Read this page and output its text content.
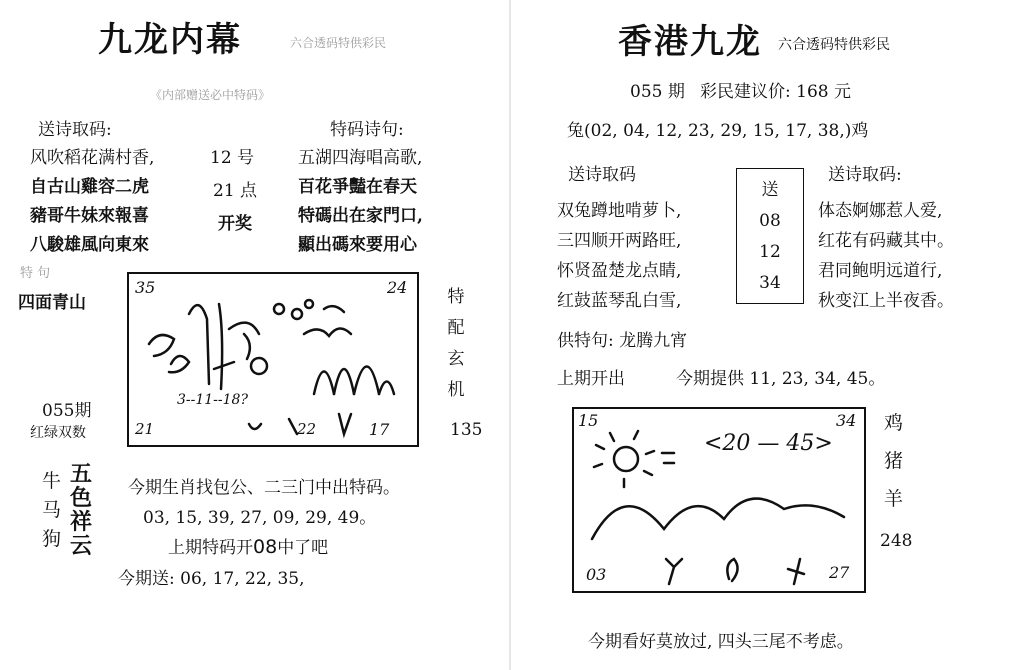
九龙内幕	六合透码特供彩民
《内部赠送必中特码》
送诗取码:	特码诗句:
风吹稻花满村香,
自古山雞容二虎
豬哥牛妹來報喜
八駿雄風向東來
12 号
21 点
开奖
五湖四海唱高歌,
百花爭豔在春天
特碼出在家門口,
顯出碼來要用心
特 句
四面青山
35	24
3--11--18?
21	22	17
特
配
玄
机
135
055期
红绿双数
牛
马
狗
五
色
祥
云
今期生肖找包公、二三门中出特码。
03, 15, 39, 27, 09, 29, 49。
上期特码开08中了吧
今期送: 06, 17, 22, 35,
香港九龙 六合透码特供彩民
055 期 彩民建议价: 168 元
兔(02, 04, 12, 23, 29, 15, 17, 38,)鸡
送诗取码	送诗取码:
双兔蹲地啃萝卜,
三四顺开两路旺,
怀贤盈楚龙点睛,
红鼓蓝琴乱白雪,
送
08
12
34
体态婀娜惹人爱,
红花有码藏其中。
君同鲍明远道行,
秋变江上半夜香。
供特句: 龙腾九宵
上期开出	今期提供 11, 23, 34, 45。
15	34
<20 — 45>
03	27
鸡
猪
羊
248
今期看好莫放过, 四头三尾不考虑。
